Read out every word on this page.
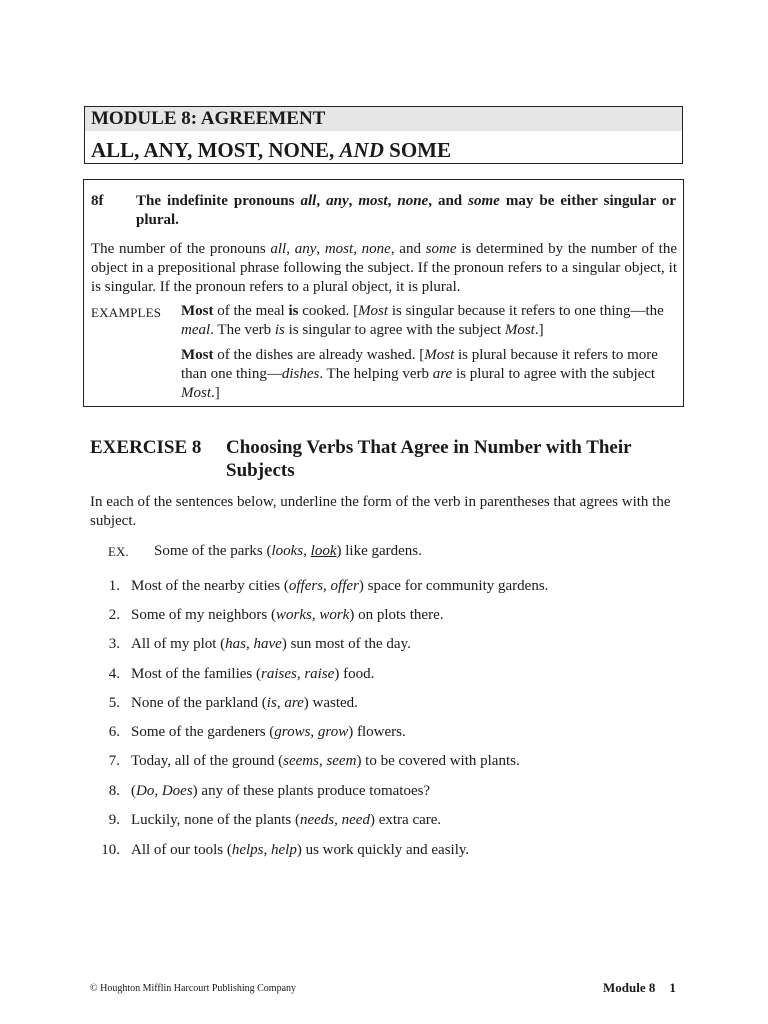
MODULE 8: AGREEMENT
ALL, ANY, MOST, NONE, AND SOME
8f The indefinite pronouns all, any, most, none, and some may be either singular or plural.
The number of the pronouns all, any, most, none, and some is determined by the number of the object in a prepositional phrase following the subject. If the pronoun refers to a singular object, it is singular. If the pronoun refers to a plural object, it is plural.
EXAMPLES Most of the meal is cooked. [Most is singular because it refers to one thing—the meal. The verb is is singular to agree with the subject Most.]
Most of the dishes are already washed. [Most is plural because it refers to more than one thing—dishes. The helping verb are is plural to agree with the subject Most.]
EXERCISE 8 Choosing Verbs That Agree in Number with Their Subjects
In each of the sentences below, underline the form of the verb in parentheses that agrees with the subject.
EX. Some of the parks (looks, look) like gardens.
1. Most of the nearby cities (offers, offer) space for community gardens.
2. Some of my neighbors (works, work) on plots there.
3. All of my plot (has, have) sun most of the day.
4. Most of the families (raises, raise) food.
5. None of the parkland (is, are) wasted.
6. Some of the gardeners (grows, grow) flowers.
7. Today, all of the ground (seems, seem) to be covered with plants.
8. (Do, Does) any of these plants produce tomatoes?
9. Luckily, none of the plants (needs, need) extra care.
10. All of our tools (helps, help) us work quickly and easily.
© Houghton Mifflin Harcourt Publishing Company	Module 8 1
